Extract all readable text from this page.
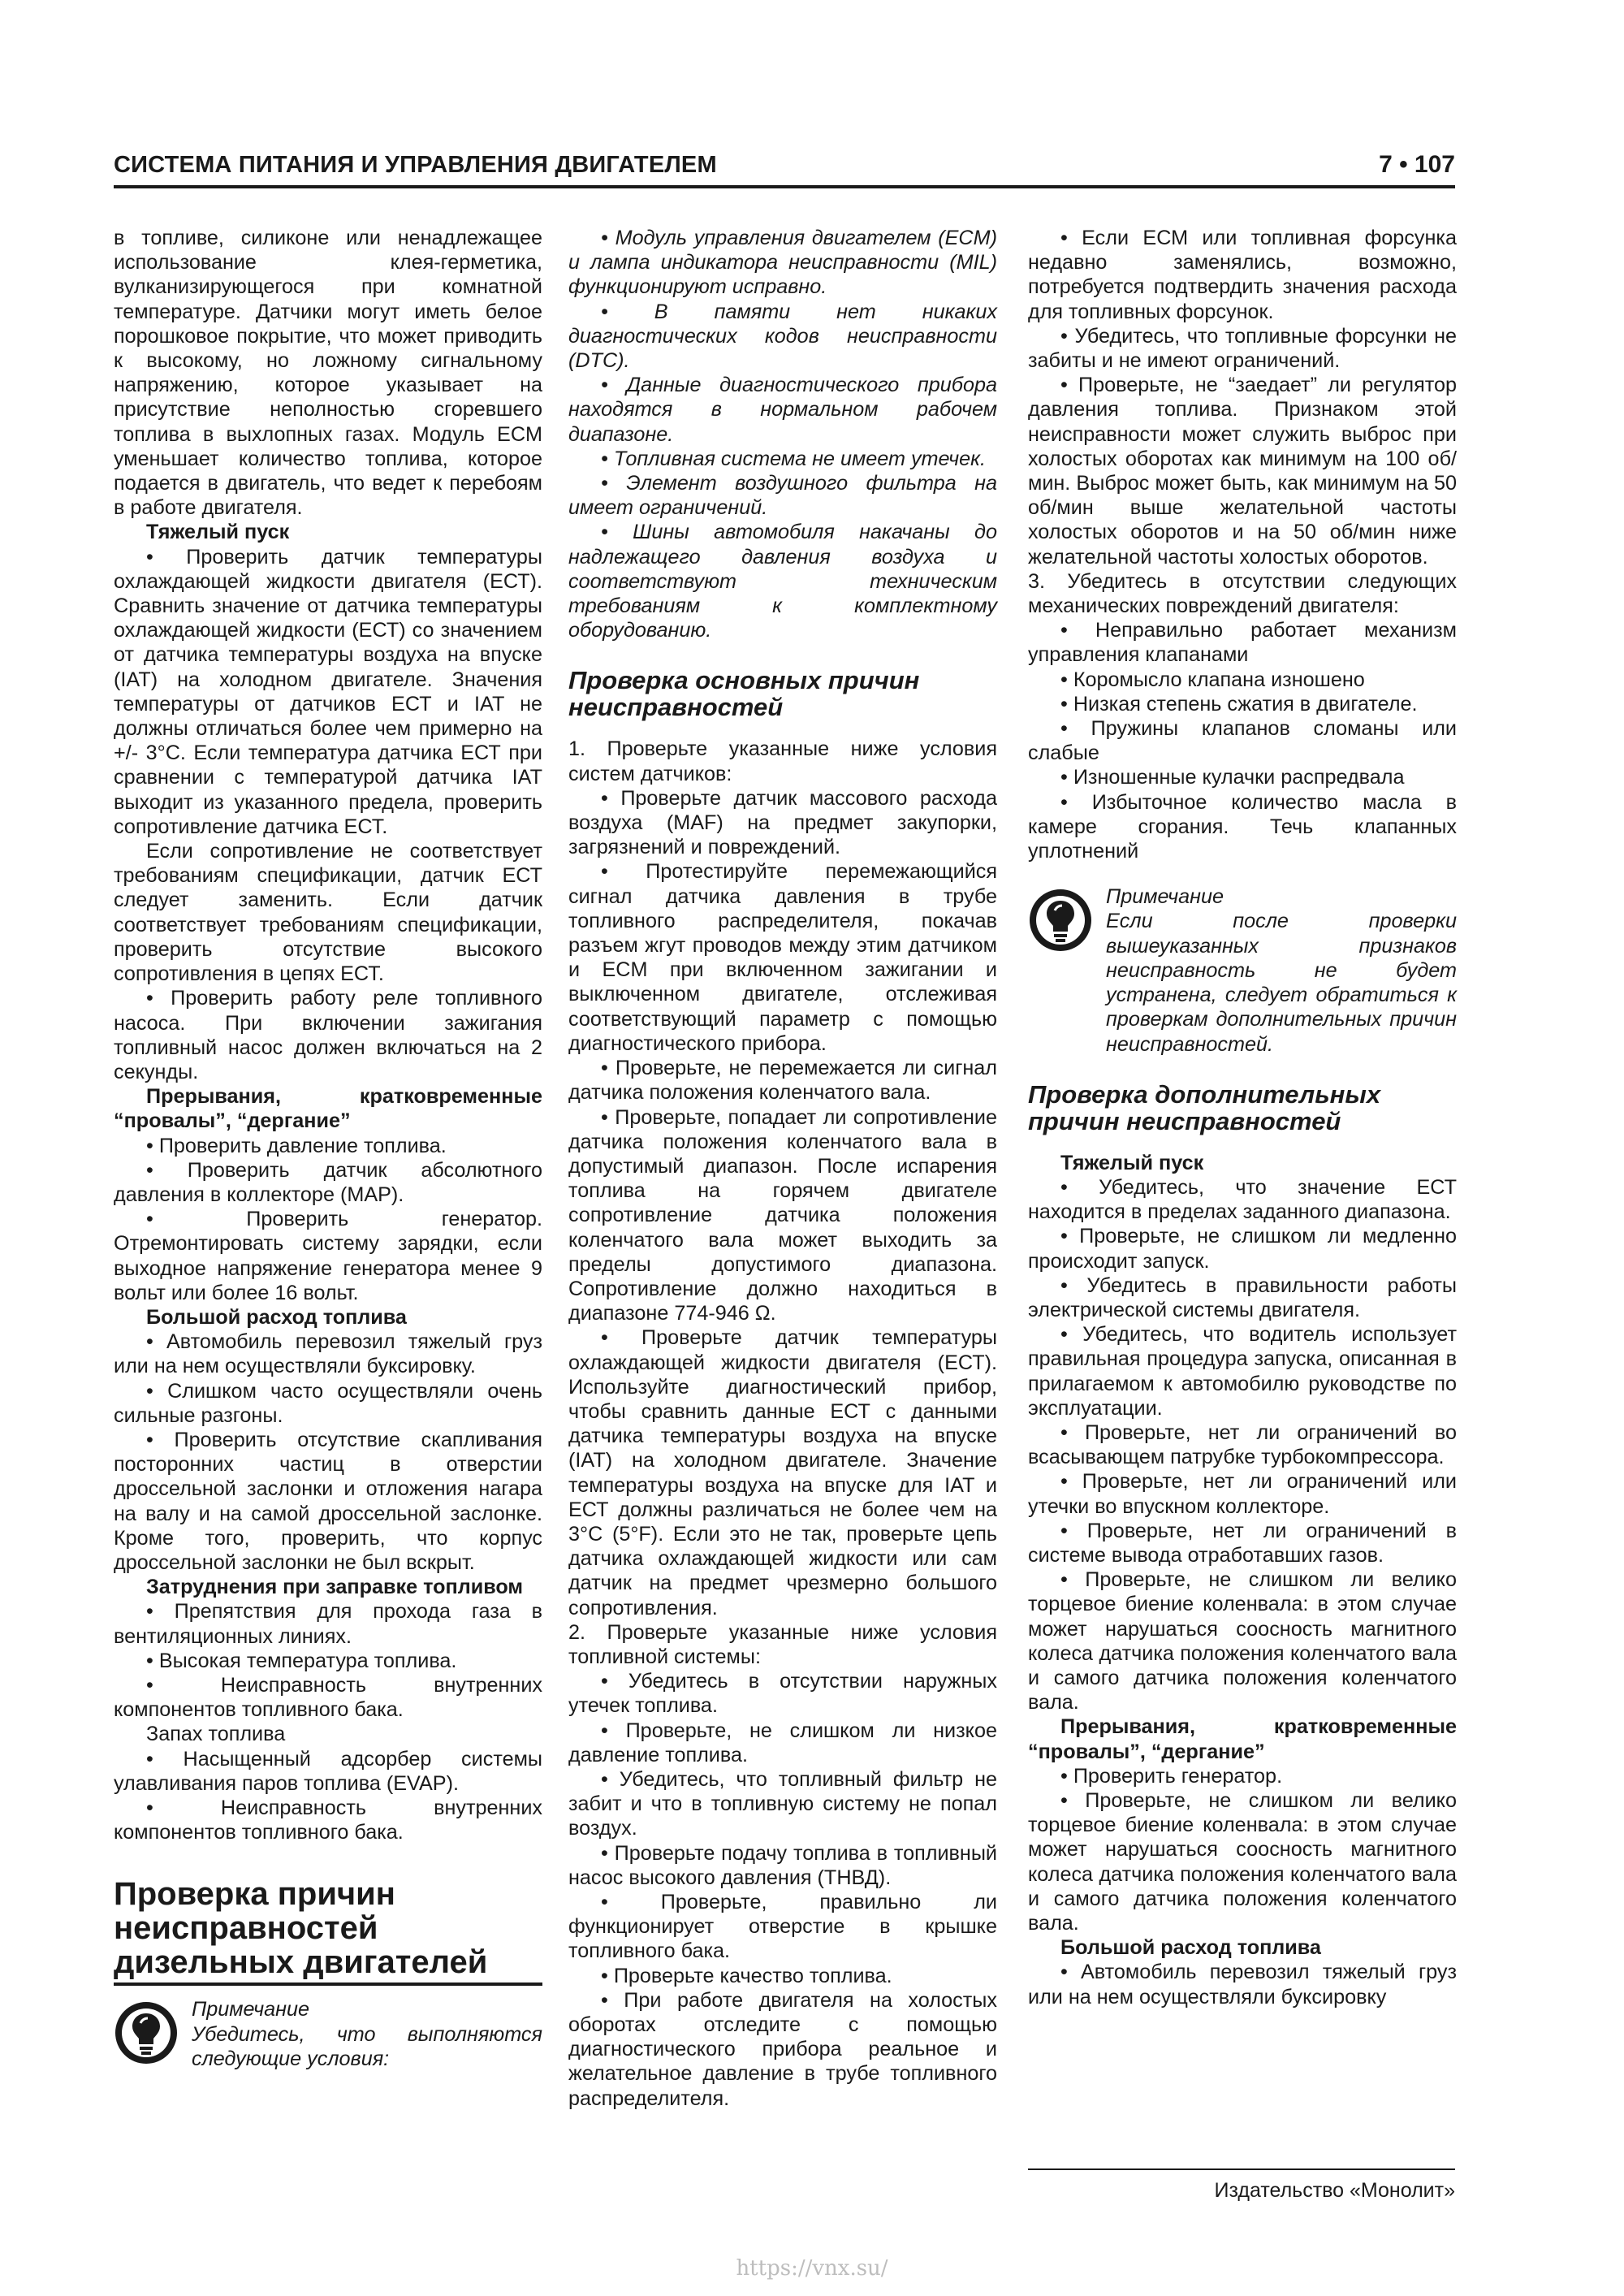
СИСТЕМА ПИТАНИЯ И УПРАВЛЕНИЯ ДВИГАТЕЛЕМ	7 • 107

в топливе, силиконе или ненадлежащее использование клея-герметика, вулканизирующегося при комнатной температуре. Датчики могут иметь белое порошковое покрытие, что может приводить к высокому, но ложному сигнальному напряжению, которое указывает на присутствие неполностью сгоревшего топлива в выхлопных газах. Модуль ECM уменьшает количество топлива, которое подается в двигатель, что ведет к перебоям в работе двигателя.

Тяжелый пуск

• Проверить датчик температуры охлаждающей жидкости двигателя (ЕСТ). Сравнить значение от датчика температуры охлаждающей жидкости (ЕСТ) со значением от датчика температуры воздуха на впуске (IAT) на холодном двигателе. Значения температуры от датчиков ЕСТ и IAT не должны отличаться более чем примерно на +/- 3°С. Если температура датчика ЕСТ при сравнении с температурой датчика IAT выходит из указанного предела, проверить сопротивление датчика ЕСТ.

Если сопротивление не соответствует требованиям спецификации, датчик ЕСТ следует заменить. Если датчик соответствует требованиям спецификации, проверить отсутствие высокого сопротивления в цепях ЕСТ.

• Проверить работу реле топливного насоса. При включении зажигания топливный насос должен включаться на 2 секунды.

Прерывания, кратковременные “провалы”, “дергание”

• Проверить давление топлива.

• Проверить датчик абсолютного давления в коллекторе (MAP).

• Проверить генератор. Отремонтировать систему зарядки, если выходное напряжение генератора менее 9 вольт или более 16 вольт.

Большой расход топлива

• Автомобиль перевозил тяжелый груз или на нем осуществляли буксировку.

• Слишком часто осуществляли очень сильные разгоны.

• Проверить отсутствие скапливания посторонних частиц в отверстии дроссельной заслонки и отложения нагара на валу и на самой дроссельной заслонке. Кроме того, проверить, что корпус дроссельной заслонки не был вскрыт.

Затруднения при заправке топливом

• Препятствия для прохода газа в вентиляционных линиях.

• Высокая температура топлива.

• Неисправность внутренних компонентов топливного бака.

Запах топлива

• Насыщенный адсорбер системы улавливания паров топлива (EVAP).

• Неисправность внутренних компонентов топливного бака.

Проверка причин неисправностей дизельных двигателей

Примечание

Убедитесь, что выполняются следующие условия:

• Модуль управления двигателем (ECM) и лампа индикатора неисправности (MIL) функционируют исправно.

• В памяти нет никаких диагностических кодов неисправности (DTC).

• Данные диагностического прибора находятся в нормальном рабочем диапазоне.

• Топливная система не имеет утечек.

• Элемент воздушного фильтра на имеет ограничений.

• Шины автомобиля накачаны до надлежащего давления воздуха и соответствуют техническим требованиям к комплектному оборудованию.

Проверка основных причин неисправностей

1. Проверьте указанные ниже условия систем датчиков:

• Проверьте датчик массового расхода воздуха (MAF) на предмет закупорки, загрязнений и повреждений.

• Протестируйте перемежающийся сигнал датчика давления в трубе топливного распределителя, покачав разъем жгут проводов между этим датчиком и ECM при включенном зажигании и выключенном двигателе, отслеживая соответствующий параметр с помощью диагностического прибора.

• Проверьте, не перемежается ли сигнал датчика положения коленчатого вала.

• Проверьте, попадает ли сопротивление датчика положения коленчатого вала в допустимый диапазон. После испарения топлива на горячем двигателе сопротивление датчика положения коленчатого вала может выходить за пределы допустимого диапазона. Сопротивление должно находиться в диапазоне 774-946 Ω.

• Проверьте датчик температуры охлаждающей жидкости двигателя (ЕСТ). Используйте диагностический прибор, чтобы сравнить данные ЕСТ с данными датчика температуры воздуха на впуске (IAT) на холодном двигателе. Значение температуры воздуха на впуске для IAT и ЕСТ должны различаться не более чем на 3°С (5°F). Если это не так, проверьте цепь датчика охлаждающей жидкости или сам датчик на предмет чрезмерно большого сопротивления.

2. Проверьте указанные ниже условия топливной системы:

• Убедитесь в отсутствии наружных утечек топлива.

• Проверьте, не слишком ли низкое давление топлива.

• Убедитесь, что топливный фильтр не забит и что в топливную систему не попал воздух.

• Проверьте подачу топлива в топливный насос высокого давления (ТНВД).

• Проверьте, правильно ли функционирует отверстие в крышке топливного бака.

• Проверьте качество топлива.

• При работе двигателя на холостых оборотах отследите с помощью диагностического прибора реальное и желательное давление в трубе топливного распределителя.

• Если ЕСМ или топливная форсунка недавно заменялись, возможно, потребуется подтвердить значения расхода для топливных форсунок.

• Убедитесь, что топливные форсунки не забиты и не имеют ограничений.

• Проверьте, не “заедает” ли регулятор давления топлива. Признаком этой неисправности может служить выброс при холостых оборотах как минимум на 100 об/мин. Выброс может быть, как минимум на 50 об/мин выше желательной частоты холостых оборотов и на 50 об/мин ниже желательной частоты холостых оборотов.

3. Убедитесь в отсутствии следующих механических повреждений двигателя:

• Неправильно работает механизм управления клапанами

• Коромысло клапана изношено

• Низкая степень сжатия в двигателе.

• Пружины клапанов сломаны или слабые

• Изношенные кулачки распредвала

• Избыточное количество масла в камере сгорания. Течь клапанных уплотнений

Примечание

Если после проверки вышеуказанных признаков неисправность не будет устранена, следует обратиться к проверкам дополнительных причин неисправностей.

Проверка дополнительных причин неисправностей

Тяжелый пуск

• Убедитесь, что значение ЕСТ находится в пределах заданного диапазона.

• Проверьте, не слишком ли медленно происходит запуск.

• Убедитесь в правильности работы электрической системы двигателя.

• Убедитесь, что водитель использует правильная процедура запуска, описанная в прилагаемом к автомобилю руководстве по эксплуатации.

• Проверьте, нет ли ограничений во всасывающем патрубке турбокомпрессора.

• Проверьте, нет ли ограничений или утечки во впускном коллекторе.

• Проверьте, нет ли ограничений в системе вывода отработавших газов.

• Проверьте, не слишком ли велико торцевое биение коленвала: в этом случае может нарушаться соосность магнитного колеса датчика положения коленчатого вала и самого датчика положения коленчатого вала.

Прерывания, кратковременные “провалы”, “дергание”

• Проверить генератор.

• Проверьте, не слишком ли велико торцевое биение коленвала: в этом случае может нарушаться соосность магнитного колеса датчика положения коленчатого вала и самого датчика положения коленчатого вала.

Большой расход топлива

• Автомобиль перевозил тяжелый груз или на нем осуществляли буксировку

Издательство «Монолит»
https://vnx.su/
